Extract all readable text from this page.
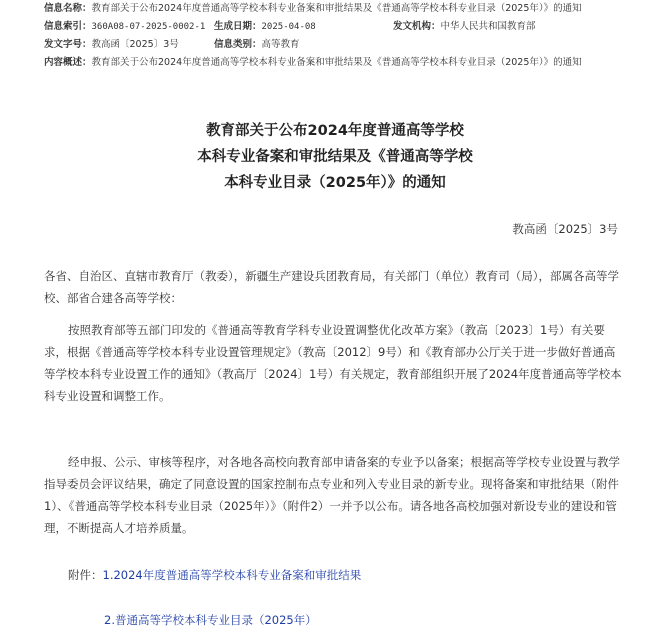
信息名称： 教育部关于公布2024年度普通高等学校本科专业备案和审批结果及《普通高等学校本科专业目录（2025年）》的通知
信息索引： 360A08-07-2025-0002-1 生成日期： 2025-04-08	发文机构： 中华人民共和国教育部
发文字号： 教高函〔2025〕3号	信息类别： 高等教育
内容概述： 教育部关于公布2024年度普通高等学校本科专业备案和审批结果及《普通高等学校本科专业目录（2025年）》的通知
教育部关于公布2024年度普通高等学校
本科专业备案和审批结果及《普通高等学校
本科专业目录（2025年）》的通知
教高函〔2025〕3号

各省、自治区、直辖市教育厅（教委），新疆生产建设兵团教育局，有关部门（单位）教育司（局），部属各高等学校、部省合建各高等学校：

按照教育部等五部门印发的《普通高等教育学科专业设置调整优化改革方案》（教高〔2023〕1号）有关要求，根据《普通高等学校本科专业设置管理规定》（教高〔2012〕9号）和《教育部办公厅关于进一步做好普通高等学校本科专业设置工作的通知》（教高厅〔2024〕1号）有关规定，教育部组织开展了2024年度普通高等学校本科专业设置和调整工作。

经申报、公示、审核等程序，对各地各高校向教育部申请备案的专业予以备案；根据高等学校专业设置与教学指导委员会评议结果，确定了同意设置的国家控制布点专业和列入专业目录的新专业。现将备案和审批结果（附件1）、《普通高等学校本科专业目录（2025年）》（附件2）一并予以公布。请各地各高校加强对新设专业的建设和管理，不断提高人才培养质量。

附件：1.2024年度普通高等学校本科专业备案和审批结果
2.普通高等学校本科专业目录（2025年）
